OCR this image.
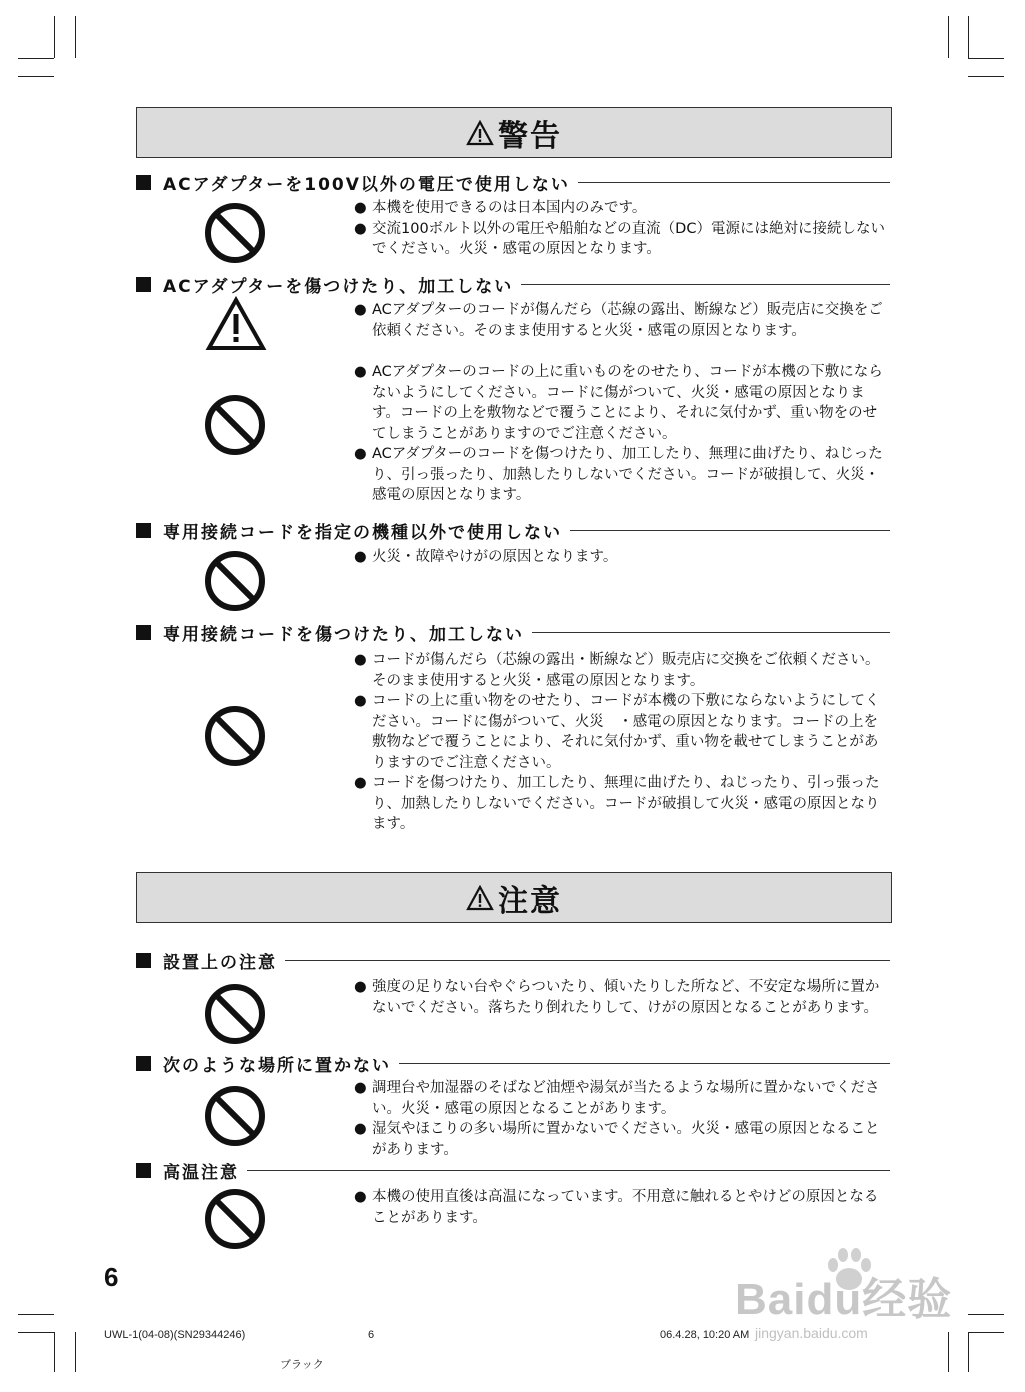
警告
ACアダプターを100V以外の電圧で使用しない
● 本機を使用できるのは日本国内のみです。
● 交流100ボルト以外の電圧や船舶などの直流（DC）電源には絶対に接続しないでください。火災・感電の原因となります。
ACアダプターを傷つけたり、加工しない
● ACアダプターのコードが傷んだら（芯線の露出、断線など）販売店に交換をご依頼ください。そのまま使用すると火災・感電の原因となります。
● ACアダプターのコードの上に重いものをのせたり、コードが本機の下敷にならないようにしてください。コードに傷がついて、火災・感電の原因となります。コードの上を敷物などで覆うことにより、それに気付かず、重い物をのせてしまうことがありますのでご注意ください。
● ACアダプターのコードを傷つけたり、加工したり、無理に曲げたり、ねじったり、引っ張ったり、加熱したりしないでください。コードが破損して、火災・感電の原因となります。
専用接続コードを指定の機種以外で使用しない
● 火災・故障やけがの原因となります。
専用接続コードを傷つけたり、加工しない
● コードが傷んだら（芯線の露出・断線など）販売店に交換をご依頼ください。そのまま使用すると火災・感電の原因となります。
● コードの上に重い物をのせたり、コードが本機の下敷にならないようにしてください。コードに傷がついて、火災　・感電の原因となります。コードの上を敷物などで覆うことにより、それに気付かず、重い物を載せてしまうことがありますのでご注意ください。
● コードを傷つけたり、加工したり、無理に曲げたり、ねじったり、引っ張ったり、加熱したりしないでください。コードが破損して火災・感電の原因となります。
注意
設置上の注意
● 強度の足りない台やぐらついたり、傾いたりした所など、不安定な場所に置かないでください。落ちたり倒れたりして、けがの原因となることがあります。
次のような場所に置かない
● 調理台や加湿器のそばなど油煙や湯気が当たるような場所に置かないでください。火災・感電の原因となることがあります。
● 湿気やほこりの多い場所に置かないでください。火災・感電の原因となることがあります。
高温注意
● 本機の使用直後は高温になっています。不用意に触れるとやけどの原因となることがあります。
6
UWL-1(04-08)(SN29344246)	6	06.4.28, 10:20 AM
ブラック
Baidu经验
jingyan.baidu.com
